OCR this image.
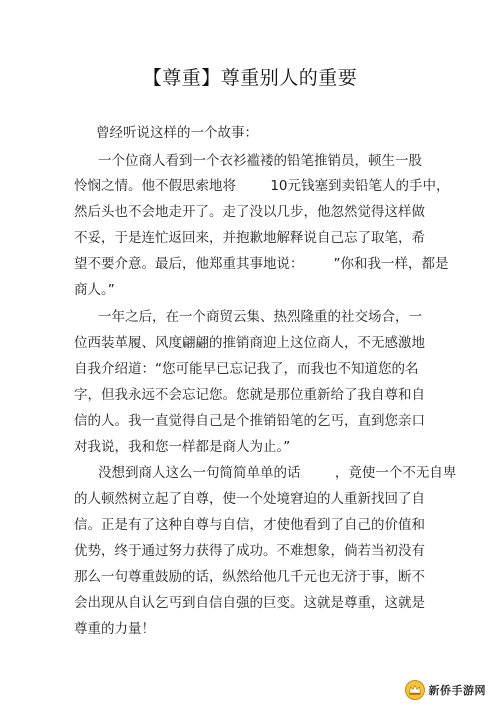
【尊重】尊重别人的重要
曾经听说这样的一个故事：
一个位商人看到一个衣衫褴褛的铅笔推销员，顿生一股
怜悯之情。他不假思索地将        10元钱塞到卖铅笔人的手中，
然后头也不会地走开了。走了没以几步，他忽然觉得这样做
不妥，于是连忙返回来，并抱歉地解释说自己忘了取笔，希
望不要介意。最后，他郑重其事地说：       ”你和我一样，都是
商人。”
一年之后，在一个商贸云集、热烈隆重的社交场合，一
位西装革履、风度翩翩的推销商迎上这位商人，不无感激地
自我介绍道：“您可能早已忘记我了，而我也不知道您的名
字，但我永远不会忘记您。您就是那位重新给了我自尊和自
信的人。我一直觉得自己是个推销铅笔的乞丐，直到您亲口
对我说，我和您一样都是商人为止。”
没想到商人这么一句简简单单的话        ，竟使一个不无自卑
的人顿然树立起了自尊，使一个处境窘迫的人重新找回了自
信。正是有了这种自尊与自信，才使他看到了自己的价值和
优势，终于通过努力获得了成功。不难想象，倘若当初没有
那么一句尊重鼓励的话，纵然给他几千元也无济于事，断不
会出现从自认乞丐到自信自强的巨变。这就是尊重，这就是
尊重的力量！
新侨手游网
